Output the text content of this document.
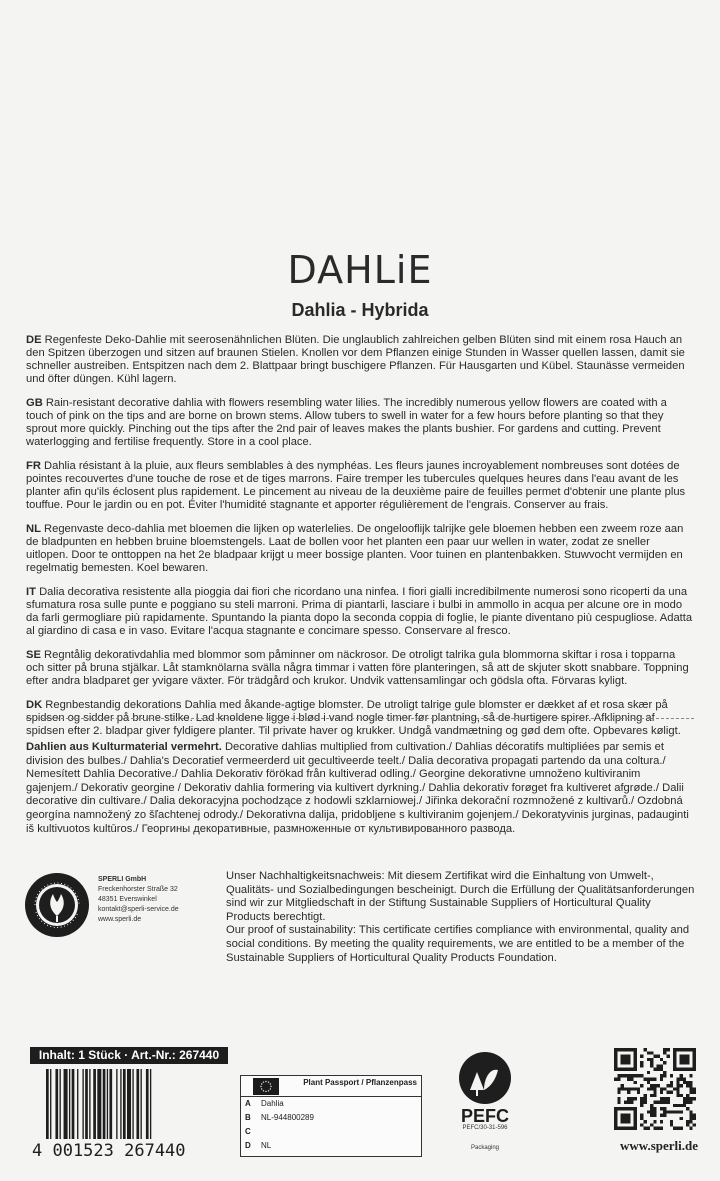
DAHLiE
Dahlia - Hybrida

DE Regenfeste Deko-Dahlie mit seerosenähnlichen Blüten. Die unglaublich zahlreichen gelben Blüten sind mit einem rosa Hauch an den Spitzen überzogen und sitzen auf braunen Stielen. Knollen vor dem Pflanzen einige Stunden in Wasser quellen lassen, damit sie schneller austreiben. Entspitzen nach dem 2. Blattpaar bringt buschigere Pflanzen. Für Hausgarten und Kübel. Staunässe vermeiden und öfter düngen. Kühl lagern.

GB Rain-resistant decorative dahlia with flowers resembling water lilies. The incredibly numerous yellow flowers are coated with a touch of pink on the tips and are borne on brown stems. Allow tubers to swell in water for a few hours before planting so that they sprout more quickly. Pinching out the tips after the 2nd pair of leaves makes the plants bushier. For gardens and cutting. Prevent waterlogging and fertilise frequently. Store in a cool place.

FR Dahlia résistant à la pluie, aux fleurs semblables à des nymphéas. Les fleurs jaunes incroyablement nombreuses sont dotées de pointes recouvertes d'une touche de rose et de tiges marrons. Faire tremper les tubercules quelques heures dans l'eau avant de les planter afin qu'ils éclosent plus rapidement. Le pincement au niveau de la deuxième paire de feuilles permet d'obtenir une plante plus touffue. Pour le jardin ou en pot. Éviter l'humidité stagnante et apporter régulièrement de l'engrais. Conserver au frais.

NL Regenvaste deco-dahlia met bloemen die lijken op waterlelies. De ongelooflijk talrijke gele bloemen hebben een zweem roze aan de bladpunten en hebben bruine bloemstengels. Laat de bollen voor het planten een paar uur wellen in water, zodat ze sneller uitlopen. Door te onttoppen na het 2e bladpaar krijgt u meer bossige planten. Voor tuinen en plantenbakken. Stuwvocht vermijden en regelmatig bemesten. Koel bewaren.

IT Dalia decorativa resistente alla pioggia dai fiori che ricordano una ninfea. I fiori gialli incredibilmente numerosi sono ricoperti da una sfumatura rosa sulle punte e poggiano su steli marroni. Prima di piantarli, lasciare i bulbi in ammollo in acqua per alcune ore in modo da farli germogliare più rapidamente. Spuntando la pianta dopo la seconda coppia di foglie, le piante diventano più cespugliose. Adatta al giardino di casa e in vaso. Evitare l'acqua stagnante e concimare spesso. Conservare al fresco.

SE Regntålig dekorativdahlia med blommor som påminner om näckrosor. De otroligt talrika gula blommorna skiftar i rosa i topparna och sitter på bruna stjälkar. Låt stamknölarna svälla några timmar i vatten före planteringen, så att de skjuter skott snabbare. Toppning efter andra bladparet ger yvigare växter. För trädgård och krukor. Undvik vattensamlingar och gödsla ofta. Förvaras kyligt.

DK Regnbestandig dekorations Dahlia med åkande-agtige blomster. De utroligt talrige gule blomster er dækket af et rosa skær på spidsen og sidder på brune stilke. Lad knoldene ligge i blød i vand nogle timer før plantning, så de hurtigere spirer. Afklipning af spidsen efter 2. bladpar giver fyldigere planter. Til private haver og krukker. Undgå vandmætning og gød dem ofte. Opbevares køligt.

Dahlien aus Kulturmaterial vermehrt. Decorative dahlias multiplied from cultivation./ Dahlias décoratifs multipliées par semis et division des bulbes./ Dahlia's Decoratief vermeerderd uit gecultiveerde teelt./ Dalia decorativa propagati partendo da una coltura./ Nemesített Dahlia Decorative./ Dahlia Dekorativ förökad från kultiverad odling./ Georgine dekorativne umnoženo kultiviranim gajenjem./ Dekorativ georgine / Dekorativ dahlia formering via kultivert dyrkning./ Dahlia dekorativ forøget fra kultiveret afgrøde./ Dalii decorative din cultivare./ Dalia dekoracyjna pochodzące z hodowli szklarniowej./ Jiřinka dekorační rozmnožené z kultivarů./ Ozdobná georgína namnožený zo šľachtenej odrody./ Dekorativna dalija, pridobljene s kultiviranim gojenjem./ Dekoratyvinis jurginas, padauginti iš kultivuotos kultūros./ Георгины декоративные, размноженные от культивированного развода.
SPERLI GmbH
Freckenhorster Straße 32
48351 Everswinkel
kontakt@sperli-service.de
www.sperli.de
Unser Nachhaltigkeitsnachweis: Mit diesem Zertifikat wird die Einhaltung von Umwelt-, Qualitäts- und Sozialbedingungen bescheinigt. Durch die Erfüllung der Qualitätsanforderungen sind wir zur Mitgliedschaft in der Stiftung Sustainable Suppliers of Horticultural Quality Products berechtigt.
Our proof of sustainability: This certificate certifies compliance with environmental, quality and social conditions. By meeting the quality requirements, we are entitled to be a member of the Sustainable Suppliers of Horticultural Quality Products Foundation.
Inhalt: 1 Stück · Art.-Nr.: 267440
4 001523 267440
Plant Passport / Pflanzenpass
A Dahlia
B NL-944800289
C
D NL
PEFC
PEFC/30-31-596
Packaging	www.sperli.de
